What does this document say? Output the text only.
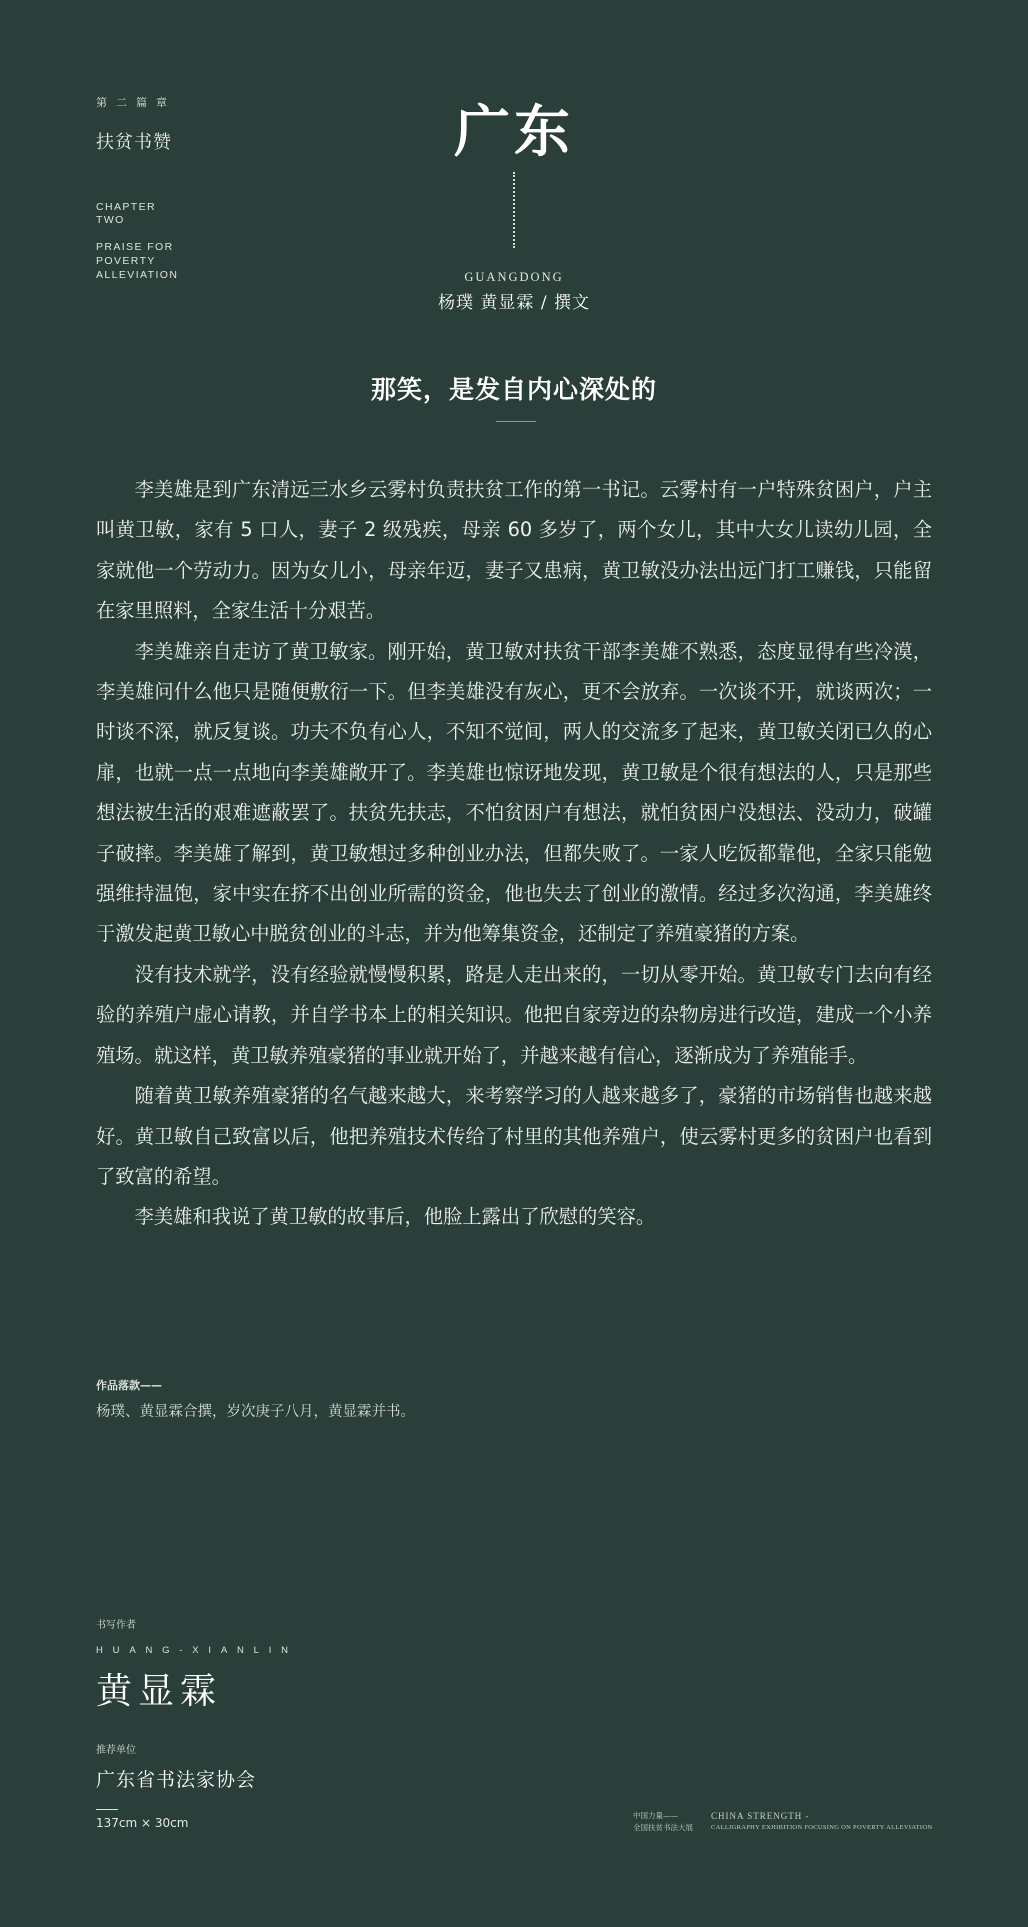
第二篇章
扶贫书赞
CHAPTER
TWO
PRAISE FOR
POVERTY
ALLEVIATION
广东
GUANGDONG
杨璞 黄显霖 / 撰文
那笑，是发自内心深处的

李美雄是到广东清远三水乡云雾村负责扶贫工作的第一书记。云雾村有一户特殊贫困户，户主叫黄卫敏，家有 5 口人，妻子 2 级残疾，母亲 60 多岁了，两个女儿，其中大女儿读幼儿园，全家就他一个劳动力。因为女儿小，母亲年迈，妻子又患病，黄卫敏没办法出远门打工赚钱，只能留在家里照料，全家生活十分艰苦。

李美雄亲自走访了黄卫敏家。刚开始，黄卫敏对扶贫干部李美雄不熟悉，态度显得有些冷漠，李美雄问什么他只是随便敷衍一下。但李美雄没有灰心，更不会放弃。一次谈不开，就谈两次；一时谈不深，就反复谈。功夫不负有心人，不知不觉间，两人的交流多了起来，黄卫敏关闭已久的心扉，也就一点一点地向李美雄敞开了。李美雄也惊讶地发现，黄卫敏是个很有想法的人，只是那些想法被生活的艰难遮蔽罢了。扶贫先扶志，不怕贫困户有想法，就怕贫困户没想法、没动力，破罐子破摔。李美雄了解到，黄卫敏想过多种创业办法，但都失败了。一家人吃饭都靠他，全家只能勉强维持温饱，家中实在挤不出创业所需的资金，他也失去了创业的激情。经过多次沟通，李美雄终于激发起黄卫敏心中脱贫创业的斗志，并为他筹集资金，还制定了养殖豪猪的方案。

没有技术就学，没有经验就慢慢积累，路是人走出来的，一切从零开始。黄卫敏专门去向有经验的养殖户虚心请教，并自学书本上的相关知识。他把自家旁边的杂物房进行改造，建成一个小养殖场。就这样，黄卫敏养殖豪猪的事业就开始了，并越来越有信心，逐渐成为了养殖能手。

随着黄卫敏养殖豪猪的名气越来越大，来考察学习的人越来越多了，豪猪的市场销售也越来越好。黄卫敏自己致富以后，他把养殖技术传给了村里的其他养殖户，使云雾村更多的贫困户也看到了致富的希望。

李美雄和我说了黄卫敏的故事后，他脸上露出了欣慰的笑容。

作品落款——
杨璞、黄显霖合撰，岁次庚子八月，黄显霖并书。
书写作者
HUANG-XIANLIN
黄显霖
推荐单位
广东省书法家协会
137cm × 30cm
中国力量——
全国扶贫书法大展
CHINA STRENGTH -
CALLIGRAPHY EXHIBITION FOCUSING ON POVERTY ALLEVIATION
